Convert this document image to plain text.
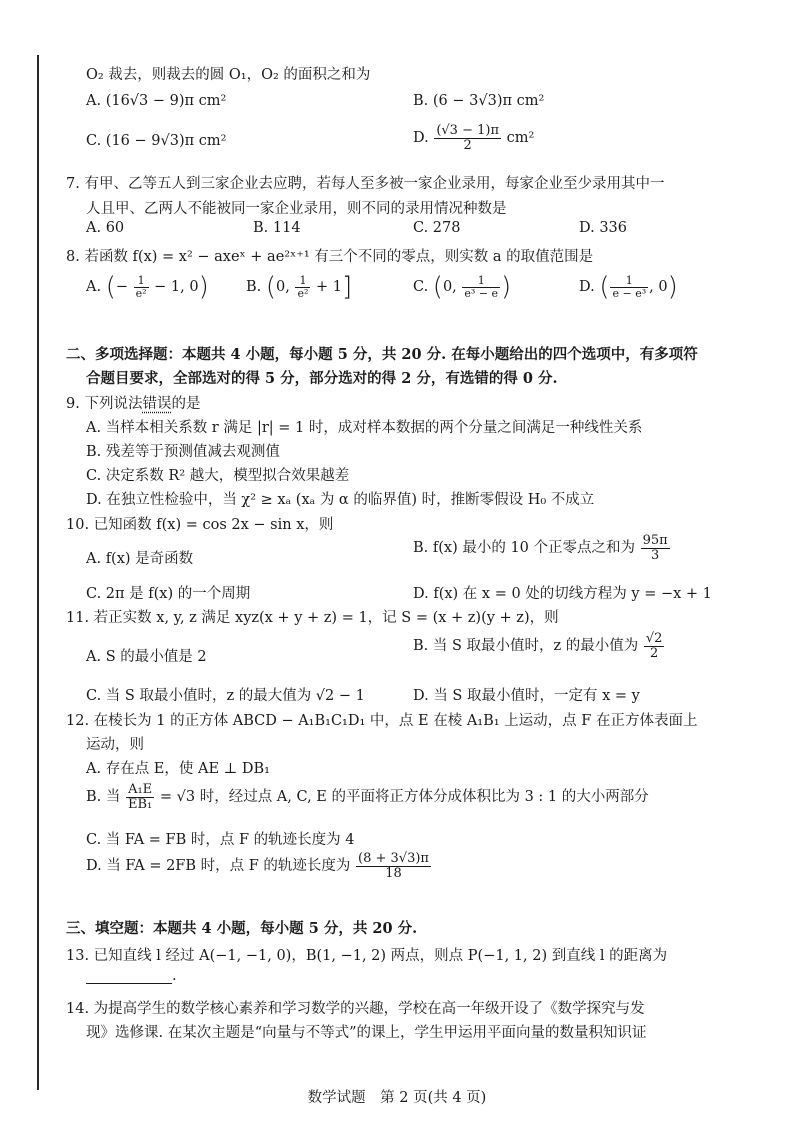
O₂ 裁去，则裁去的圆 O₁，O₂ 的面积之和为
A. (16√3 − 9)π cm²	B. (6 − 3√3)π cm²
C. (16 − 9√3)π cm²	D. $\frac{(√3 - 1)\pi}{2} cm^2$
7. 有甲、乙等五人到三家企业去应聘，若每人至多被一家企业录用，每家企业至少录用其中一
人且甲、乙两人不能被同一家企业录用，则不同的录用情况种数是
A. 60	B. 114	C. 278	D. 336
8. 若函数 f(x) = x² − axeˣ + ae²ˣ⁺¹ 有三个不同的零点，则实数 a 的取值范围是
A. (− $\frac{1}{\text{e²}} - 1$, 0)	B. (0, $\frac{1}{\text{e²}} + 1$]	C. (0, $\frac{1}{\text{e³ − e}}$ )	D. ( $\frac{1}{\text{e − e³}}$ , 0)
二、多项选择题：本题共 4 小题，每小题 5 分，共 20 分. 在每小题给出的四个选项中，有多项符
合题目要求，全部选对的得 5 分，部分选对的得 2 分，有选错的得 0 分.
9. 下列说法错误的是
A. 当样本相关系数 r 满足 |r| = 1 时，成对样本数据的两个分量之间满足一种线性关系
B. 残差等于预测值减去观测值
C. 决定系数 R² 越大，模型拟合效果越差
D. 在独立性检验中，当 χ² ≥ xₐ (xₐ 为 α 的临界值) 时，推断零假设 H₀ 不成立
10. 已知函数 f(x) = cos 2x − sin x，则
A. f(x) 是奇函数
B. f(x) 最小的 10 个正零点之和为 $\frac{95\pi}{3}$
C. 2π 是 f(x) 的一个周期	D. f(x) 在 x = 0 处的切线方程为 y = −x + 1
11. 若正实数 x, y, z 满足 xyz(x + y + z) = 1，记 S = (x + z)(y + z)，则
A. S 的最小值是 2
B. 当 S 取最小值时，z 的最小值为 $\frac{√2}{2}$
C. 当 S 取最小值时，z 的最大值为 √2 − 1	D. 当 S 取最小值时，一定有 x = y
12. 在棱长为 1 的正方体 ABCD − A₁B₁C₁D₁ 中，点 E 在棱 A₁B₁ 上运动，点 F 在正方体表面上
运动，则
A. 存在点 E，使 AE ⊥ DB₁
B. 当 $\frac{\text{A₁E}}{\text{EB₁}} = √3$ 时，经过点 A, C, E 的平面将正方体分成体积比为 3 : 1 的大小两部分
C. 当 FA = FB 时，点 F 的轨迹长度为 4
D. 当 FA = 2FB 时，点 F 的轨迹长度为 $\frac{(8 + 3√3)\pi}{18}$
三、填空题：本题共 4 小题，每小题 5 分，共 20 分.
13. 已知直线 l 经过 A(−1, −1, 0)，B(1, −1, 2) 两点，则点 P(−1, 1, 2) 到直线 l 的距离为
.
14. 为提高学生的数学核心素养和学习数学的兴趣，学校在高一年级开设了《数学探究与发
现》选修课. 在某次主题是“向量与不等式”的课上，学生甲运用平面向量的数量积知识证
数学试题　第 2 页(共 4 页)
